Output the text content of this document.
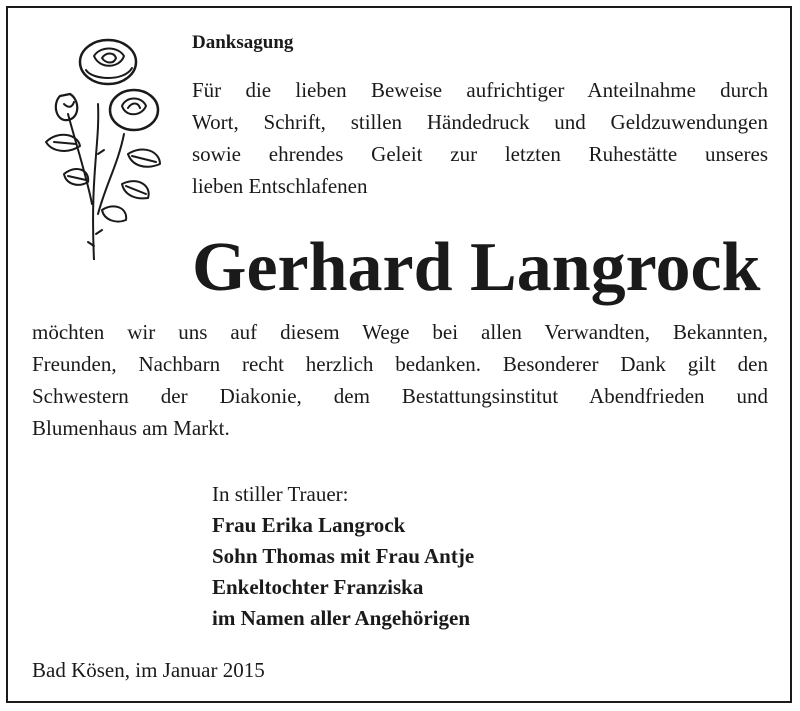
Danksagung
Für die lieben Beweise aufrichtiger Anteilnahme durch
Wort, Schrift, stillen Händedruck und Geldzuwendungen
sowie ehrendes Geleit zur letzten Ruhestätte unseres
lieben Entschlafenen
Gerhard Langrock
möchten wir uns auf diesem Wege bei allen Verwandten, Bekannten,
Freunden, Nachbarn recht herzlich bedanken. Besonderer Dank gilt den
Schwestern der Diakonie, dem Bestattungsinstitut Abendfrieden und
Blumenhaus am Markt.
In stiller Trauer:
Frau Erika Langrock
Sohn Thomas mit Frau Antje
Enkeltochter Franziska
im Namen aller Angehörigen
Bad Kösen, im Januar 2015
